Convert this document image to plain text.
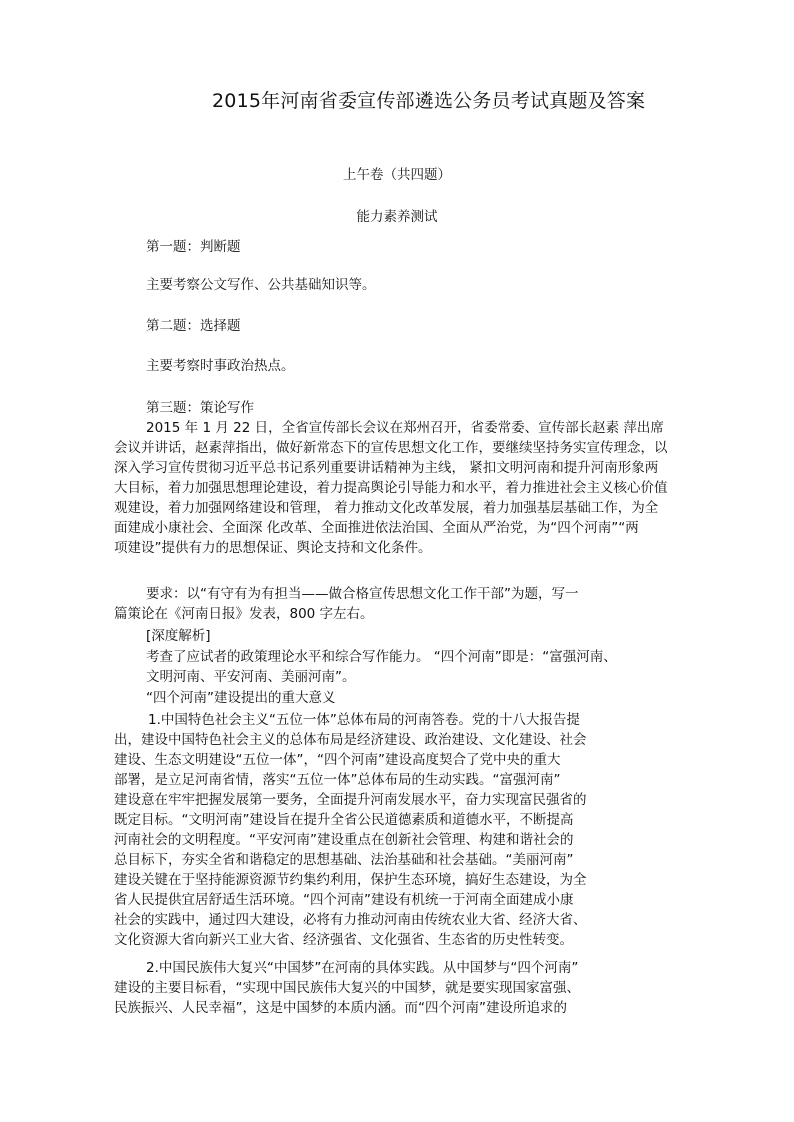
2015年河南省委宣传部遴选公务员考试真题及答案
上午卷（共四题）
能力素养测试
第一题：判断题
主要考察公文写作、公共基础知识等。
第二题：选择题
主要考察时事政治热点。
第三题：策论写作
2015 年 1 月 22 日，全省宣传部长会议在郑州召开，省委常委、宣传部长赵素 萍出席
会议并讲话，赵素萍指出，做好新常态下的宣传思想文化工作，要继续坚持务实宣传理念，以
深入学习宣传贯彻习近平总书记系列重要讲话精神为主线， 紧扣文明河南和提升河南形象两
大目标，着力加强思想理论建设，着力提高舆论引导能力和水平，着力推进社会主义核心价值
观建设，着力加强网络建设和管理， 着力推动文化改革发展，着力加强基层基础工作，为全
面建成小康社会、全面深 化改革、全面推进依法治国、全面从严治党，为“四个河南”“两
项建设”提供有力的思想保证、舆论支持和文化条件。
要求：以“有守有为有担当——做合格宣传思想文化工作干部”为题，写一
篇策论在《河南日报》发表，800 字左右。
[深度解析]
考查了应试者的政策理论水平和综合写作能力。 “四个河南”即是：“富强河南、
文明河南、平安河南、美丽河南”。
“四个河南”建设提出的重大意义
1.中国特色社会主义“五位一体”总体布局的河南答卷。党的十八大报告提
出，建设中国特色社会主义的总体布局是经济建设、政治建设、文化建设、社会
建设、生态文明建设“五位一体”，“四个河南”建设高度契合了党中央的重大
部署，是立足河南省情，落实“五位一体”总体布局的生动实践。“富强河南”
建设意在牢牢把握发展第一要务，全面提升河南发展水平，奋力实现富民强省的
既定目标。“文明河南”建设旨在提升全省公民道德素质和道德水平，不断提高
河南社会的文明程度。“平安河南”建设重点在创新社会管理、构建和谐社会的
总目标下，夯实全省和谐稳定的思想基础、法治基础和社会基础。“美丽河南”
建设关键在于坚持能源资源节约集约利用，保护生态环境，搞好生态建设，为全
省人民提供宜居舒适生活环境。“四个河南”建设有机统一于河南全面建成小康
社会的实践中，通过四大建设，必将有力推动河南由传统农业大省、经济大省、
文化资源大省向新兴工业大省、经济强省、文化强省、生态省的历史性转变。
2.中国民族伟大复兴“中国梦”在河南的具体实践。从中国梦与“四个河南”
建设的主要目标看，“实现中国民族伟大复兴的中国梦，就是要实现国家富强、
民族振兴、人民幸福”，这是中国梦的本质内涵。而“四个河南”建设所追求的
